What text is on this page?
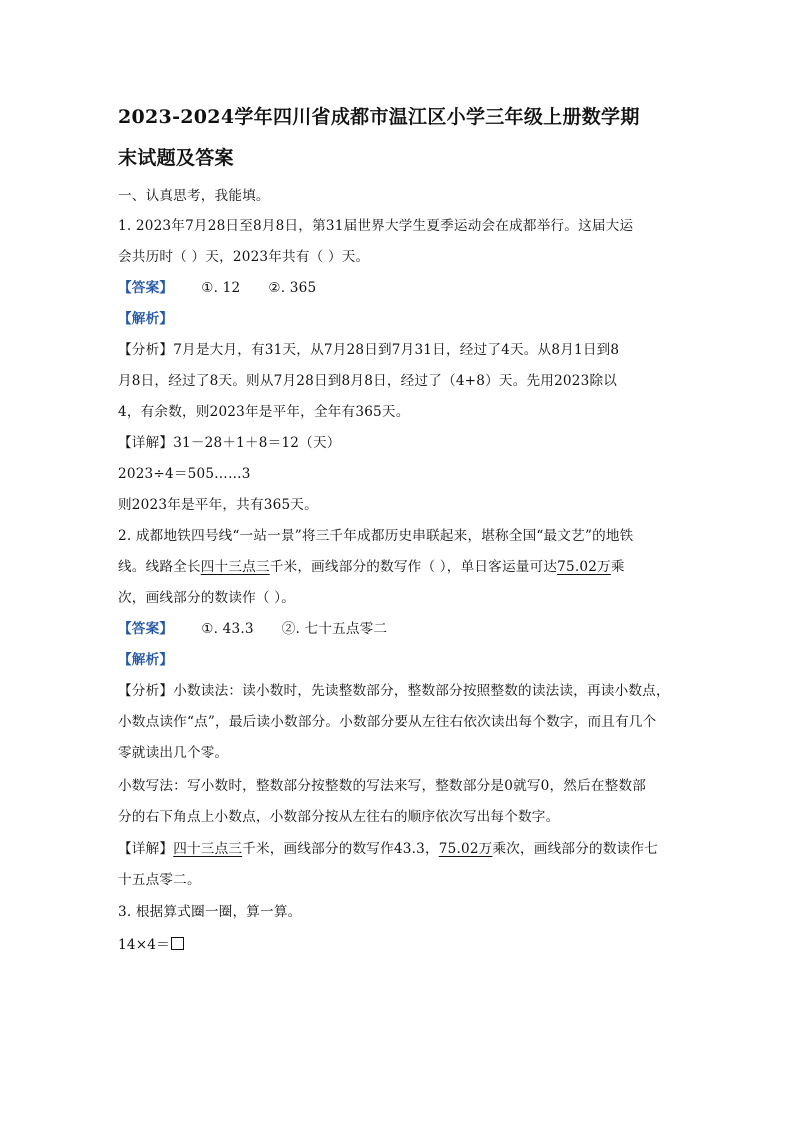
2023-2024学年四川省成都市温江区小学三年级上册数学期
末试题及答案
一、认真思考，我能填。
1. 2023年7月28日至8月8日，第31届世界大学生夏季运动会在成都举行。这届大运
会共历时（ ）天，2023年共有（ ）天。
【答案】 ①. 12 ②. 365
【解析】
【分析】7月是大月，有31天，从7月28日到7月31日，经过了4天。从8月1日到8
月8日，经过了8天。则从7月28日到8月8日，经过了（4+8）天。先用2023除以
4，有余数，则2023年是平年，全年有365天。
【详解】31－28＋1＋8＝12（天）
2023÷4＝505……3
则2023年是平年，共有365天。
2. 成都地铁四号线“一站一景”将三千年成都历史串联起来，堪称全国“最文艺”的地铁
线。线路全长四十三点三千米，画线部分的数写作（ ），单日客运量可达75.02万乘
次，画线部分的数读作（ ）。
【答案】 ①. 43.3 ②. 七十五点零二
【解析】
【分析】小数读法：读小数时，先读整数部分，整数部分按照整数的读法读，再读小数点，
小数点读作“点”，最后读小数部分。小数部分要从左往右依次读出每个数字，而且有几个
零就读出几个零。
小数写法：写小数时，整数部分按整数的写法来写，整数部分是0就写0，然后在整数部
分的右下角点上小数点，小数部分按从左往右的顺序依次写出每个数字。
【详解】四十三点三千米，画线部分的数写作43.3，75.02万乘次，画线部分的数读作七
十五点零二。
3. 根据算式圈一圈，算一算。
14×4＝
